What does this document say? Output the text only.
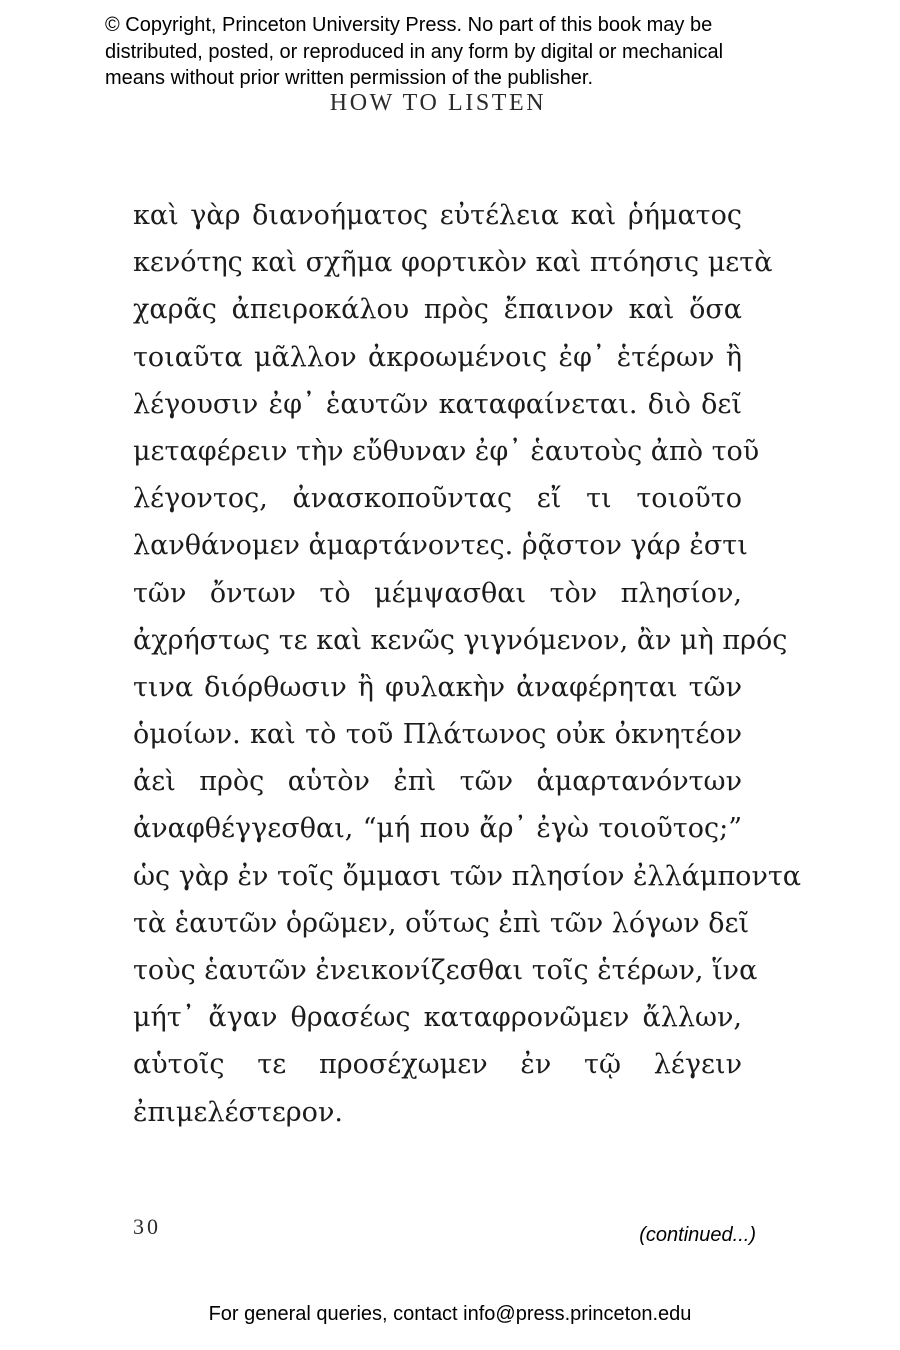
© Copyright, Princeton University Press. No part of this book may be
distributed, posted, or reproduced in any form by digital or mechanical
means without prior written permission of the publisher.
HOW TO LISTEN
καὶ γὰρ διανοήματος εὐτέλεια καὶ ῥήματος
κενότης καὶ σχῆμα φορτικὸν καὶ πτόησις μετὰ
χαρᾶς ἀπειροκάλου πρὸς ἔπαινον καὶ ὅσα
τοιαῦτα μᾶλλον ἀκροωμένοις ἐφ᾽ ἑτέρων ἢ
λέγουσιν ἐφ᾽ ἑαυτῶν καταφαίνεται. διὸ δεῖ
μεταφέρειν τὴν εὔθυναν ἐφ᾽ ἑαυτοὺς ἀπὸ τοῦ
λέγοντος, ἀνασκοποῦντας εἴ τι τοιοῦτο
λανθάνομεν ἁμαρτάνοντες. ῥᾷστον γάρ ἐστι
τῶν ὄντων τὸ μέμψασθαι τὸν πλησίον,
ἀχρήστως τε καὶ κενῶς γιγνόμενον, ἂν μὴ πρός
τινα διόρθωσιν ἢ φυλακὴν ἀναφέρηται τῶν
ὁμοίων. καὶ τὸ τοῦ Πλάτωνος οὐκ ὀκνητέον
ἀεὶ πρὸς αὑτὸν ἐπὶ τῶν ἁμαρτανόντων
ἀναφθέγγεσθαι, “μή που ἄρ᾽ ἐγὼ τοιοῦτος;”
ὡς γὰρ ἐν τοῖς ὄμμασι τῶν πλησίον ἐλλάμποντα
τὰ ἑαυτῶν ὁρῶμεν, οὕτως ἐπὶ τῶν λόγων δεῖ
τοὺς ἑαυτῶν ἐνεικονίζεσθαι τοῖς ἑτέρων, ἵνα
μήτ᾽ ἄγαν θρασέως καταφρονῶμεν ἄλλων,
αὑτοῖς τε προσέχωμεν ἐν τῷ λέγειν
ἐπιμελέστερον.
30	(continued...)
For general queries, contact info@press.princeton.edu
